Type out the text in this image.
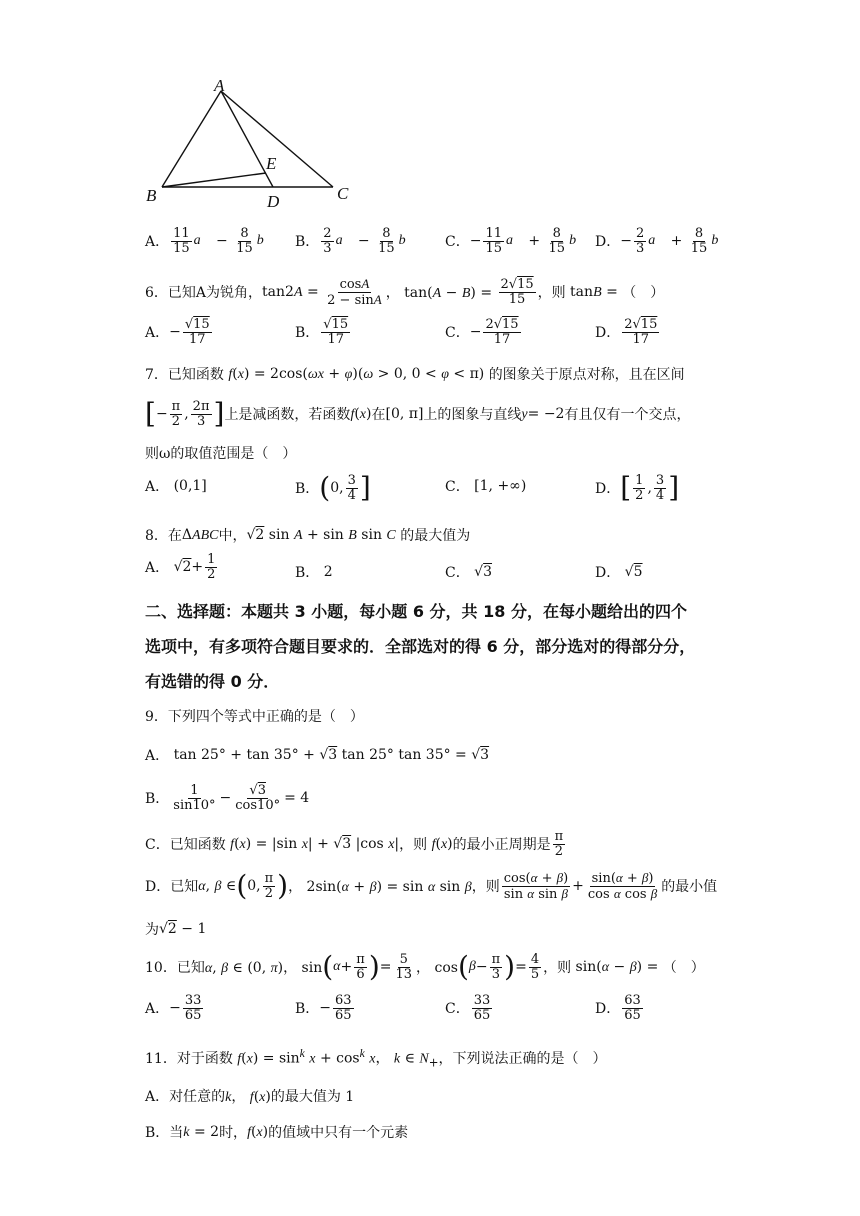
A
B	C
D
E
A． $\frac{11}{15}$ a⃗ − $\frac{8}{15}$ b⃗ B． $\frac{2}{3}$ a⃗ − $\frac{8}{15}$ b⃗ C． − $\frac{11}{15}$ a⃗ + $\frac{8}{15}$ b⃗ D． − $\frac{2}{3}$ a⃗ + $\frac{8}{15}$ b⃗
6．已知A为锐角， $\tan 2A = \frac{\cos A}{2 - \sin A}$ ， $\tan(A - B) = \frac{2√15}{15}$ ，则 tanB = （　）
A． − $\frac{√15}{17}$	B． $\frac{√15}{17}$	C． − $\frac{2√15}{17}$	D． $\frac{2√15}{17}$
7．已知函数 f(x) = 2cos(ωx + φ)(ω > 0, 0 < φ < π) 的图象关于原点对称，且在区间
[ − $\frac{\pi}{2}$ , $\frac{2\pi}{3}$ ] 上是减函数，若函数 f(x) 在 [0, π] 上的图象与直线 y= −2 有且仅有一个交点，
则ω的取值范围是（　）
A． (0,1]	B． ( 0, $\frac{3}{4}$ ]	C． [1, +∞)	D． [ $\frac{1}{2}$ , $\frac{3}{4}$ ]
8．在 ΔABC 中， √2 sin A + sin B sin C 的最大值为
A． √ $2 + \frac{1}{2}$	B． 2	C． √ 3	D． √ 5
二、选择题：本题共 3 小题，每小题 6 分，共 18 分，在每小题给出的四个
选项中，有多项符合题目要求的．全部选对的得 6 分，部分选对的得部分分，
有选错的得 0 分．
9．下列四个等式中正确的是（　）
A． tan 25° + tan 35° + √3 tan 25° tan 35° = √3
B． $\frac{1}{\sin 10^\circ} - \frac{√3}{\cos 10^\circ} = 4$
C．已知函数 f(x) = |sin x| + √3 |cos x| ，则 f(x) 的最小正周期是 $\frac{\pi}{2}$
D．已知 α, β ∈ ( 0, $\frac{\pi}{2}$ ) ， 2sin(α + β) = sin α sin β ，则 $\frac{\cos(\alpha + \beta)}{\text{sin α sin β}} + \frac{\sin(\alpha + \beta)}{\text{cos α cos β}}$ 的最小值
为 √2 − 1
10．已知 α, β ∈ (0, π)， sin ( $\alpha + \frac{\pi}{6}$ ) = $\frac{5}{13}$ ， cos ( $\beta - \frac{\pi}{3}$ ) = $\frac{4}{5}$ ，则 sin(α − β) = （　）
A． − $\frac{33}{65}$	B． − $\frac{63}{65}$	C． $\frac{33}{65}$	D． $\frac{63}{65}$
11．对于函数 $f(x) = \sin^k x + \cos^k x$， k ∈ $N_+$ ，下列说法正确的是（　）
A．对任意的 k， f(x) 的最大值为 1
B．当 k = 2 时， f(x) 的值域中只有一个元素
